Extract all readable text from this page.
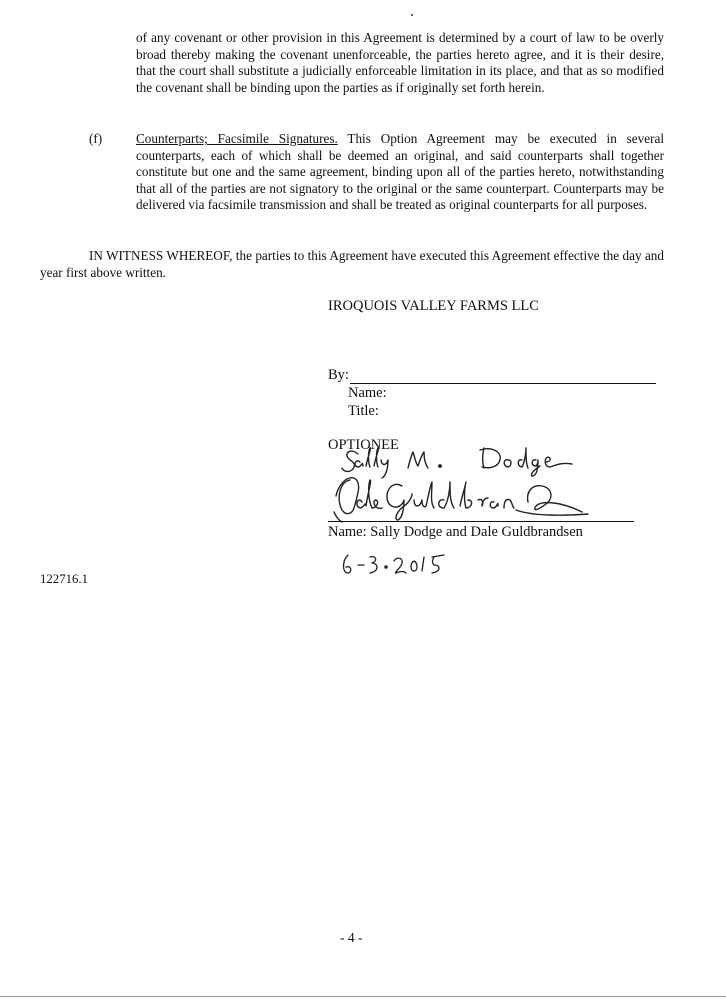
of any covenant or other provision in this Agreement is determined by a court of law to be overly broad thereby making the covenant unenforceable, the parties hereto agree, and it is their desire, that the court shall substitute a judicially enforceable limitation in its place, and that as so modified the covenant shall be binding upon the parties as if originally set forth herein.

(f)	Counterparts; Facsimile Signatures. This Option Agreement may be executed in several counterparts, each of which shall be deemed an original, and said counterparts shall together constitute but one and the same agreement, binding upon all of the parties hereto, notwithstanding that all of the parties are not signatory to the original or the same counterpart. Counterparts may be delivered via facsimile transmission and shall be treated as original counterparts for all purposes.

IN WITNESS WHEREOF, the parties to this Agreement have executed this Agreement effective the day and year first above written.

IROQUOIS VALLEY FARMS LLC
By:
Name:
Title:
OPTIONEE
Name: Sally Dodge and Dale Guldbrandsen
122716.1
- 4 -
